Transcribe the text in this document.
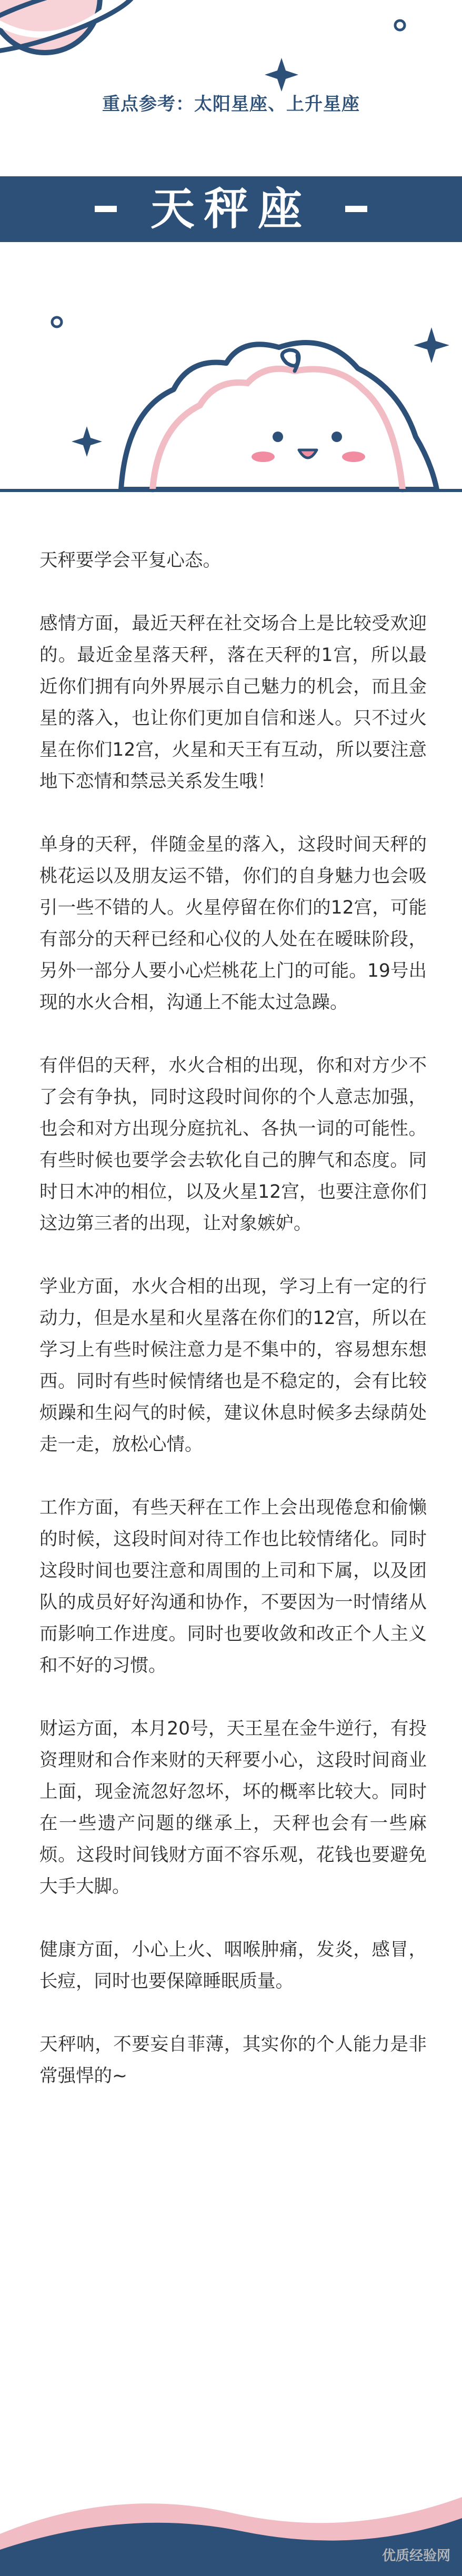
重点参考：太阳星座、上升星座
天秤座

天秤要学会平复心态。

感情方面，最近天秤在社交场合上是比较受欢迎的。最近金星落天秤，落在天秤的1宫，所以最近你们拥有向外界展示自己魅力的机会，而且金星的落入，也让你们更加自信和迷人。只不过火星在你们12宫，火星和天王有互动，所以要注意地下恋情和禁忌关系发生哦！

单身的天秤，伴随金星的落入，这段时间天秤的桃花运以及朋友运不错，你们的自身魅力也会吸引一些不错的人。火星停留在你们的12宫，可能有部分的天秤已经和心仪的人处在在暧昧阶段，另外一部分人要小心烂桃花上门的可能。19号出现的水火合相，沟通上不能太过急躁。

有伴侣的天秤，水火合相的出现，你和对方少不了会有争执，同时这段时间你的个人意志加强，也会和对方出现分庭抗礼、各执一词的可能性。有些时候也要学会去软化自己的脾气和态度。同时日木冲的相位，以及火星12宫，也要注意你们这边第三者的出现，让对象嫉妒。

学业方面，水火合相的出现，学习上有一定的行动力，但是水星和火星落在你们的12宫，所以在学习上有些时候注意力是不集中的，容易想东想西。同时有些时候情绪也是不稳定的，会有比较烦躁和生闷气的时候，建议休息时候多去绿荫处走一走，放松心情。

工作方面，有些天秤在工作上会出现倦怠和偷懒的时候，这段时间对待工作也比较情绪化。同时这段时间也要注意和周围的上司和下属，以及团队的成员好好沟通和协作，不要因为一时情绪从而影响工作进度。同时也要收敛和改正个人主义和不好的习惯。

财运方面，本月20号，天王星在金牛逆行，有投资理财和合作来财的天秤要小心，这段时间商业上面，现金流忽好忽坏，坏的概率比较大。同时在一些遗产问题的继承上，天秤也会有一些麻烦。这段时间钱财方面不容乐观，花钱也要避免大手大脚。

健康方面，小心上火、咽喉肿痛，发炎，感冒，长痘，同时也要保障睡眠质量。

天秤呐，不要妄自菲薄，其实你的个人能力是非常强悍的~

优质经验网
